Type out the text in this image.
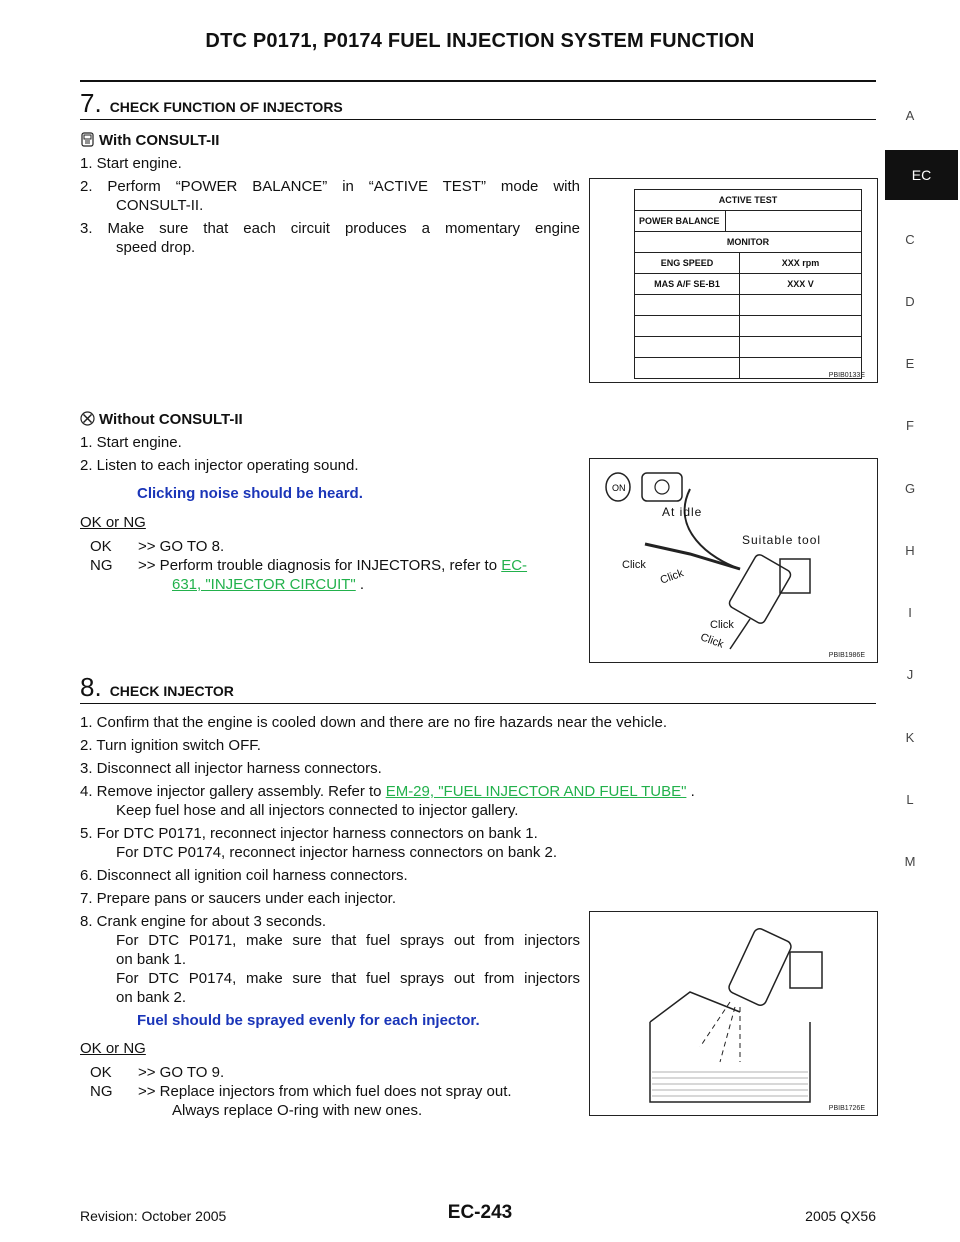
DTC P0171, P0174 FUEL INJECTION SYSTEM FUNCTION
A
EC
C
D
E
F
G
H
I
J
K
L
M
7. CHECK FUNCTION OF INJECTORS
With CONSULT-II
1. Start engine.
2. Perform “POWER BALANCE” in “ACTIVE TEST” mode with
CONSULT-II.
3. Make sure that each circuit produces a momentary engine
speed drop.
ACTIVE TEST	
POWER BALANCE	
MONITOR	
ENG SPEED	XXX rpm
MAS A/F SE-B1	XXX V

PBIB0133E
Without CONSULT-II
1. Start engine.
2. Listen to each injector operating sound.
Clicking noise should be heard.
OK or NG
OK >> GO TO 8.
NG >> Perform trouble diagnosis for INJECTORS, refer to EC-
631, "INJECTOR CIRCUIT" .
ON
At idle
Suitable tool
Click
Click
Click
Click
PBIB1986E
8. CHECK INJECTOR
1. Confirm that the engine is cooled down and there are no fire hazards near the vehicle.
2. Turn ignition switch OFF.
3. Disconnect all injector harness connectors.
4. Remove injector gallery assembly. Refer to EM-29, "FUEL INJECTOR AND FUEL TUBE" .
Keep fuel hose and all injectors connected to injector gallery.
5. For DTC P0171, reconnect injector harness connectors on bank 1.
For DTC P0174, reconnect injector harness connectors on bank 2.
6. Disconnect all ignition coil harness connectors.
7. Prepare pans or saucers under each injector.
8. Crank engine for about 3 seconds.
For DTC P0171, make sure that fuel sprays out from injectors
on bank 1.
For DTC P0174, make sure that fuel sprays out from injectors
on bank 2.
Fuel should be sprayed evenly for each injector.
OK or NG
OK >> GO TO 9.
NG >> Replace injectors from which fuel does not spray out.
Always replace O-ring with new ones.	PBIB1726E
Revision: October 2005	EC-243	2005 QX56
